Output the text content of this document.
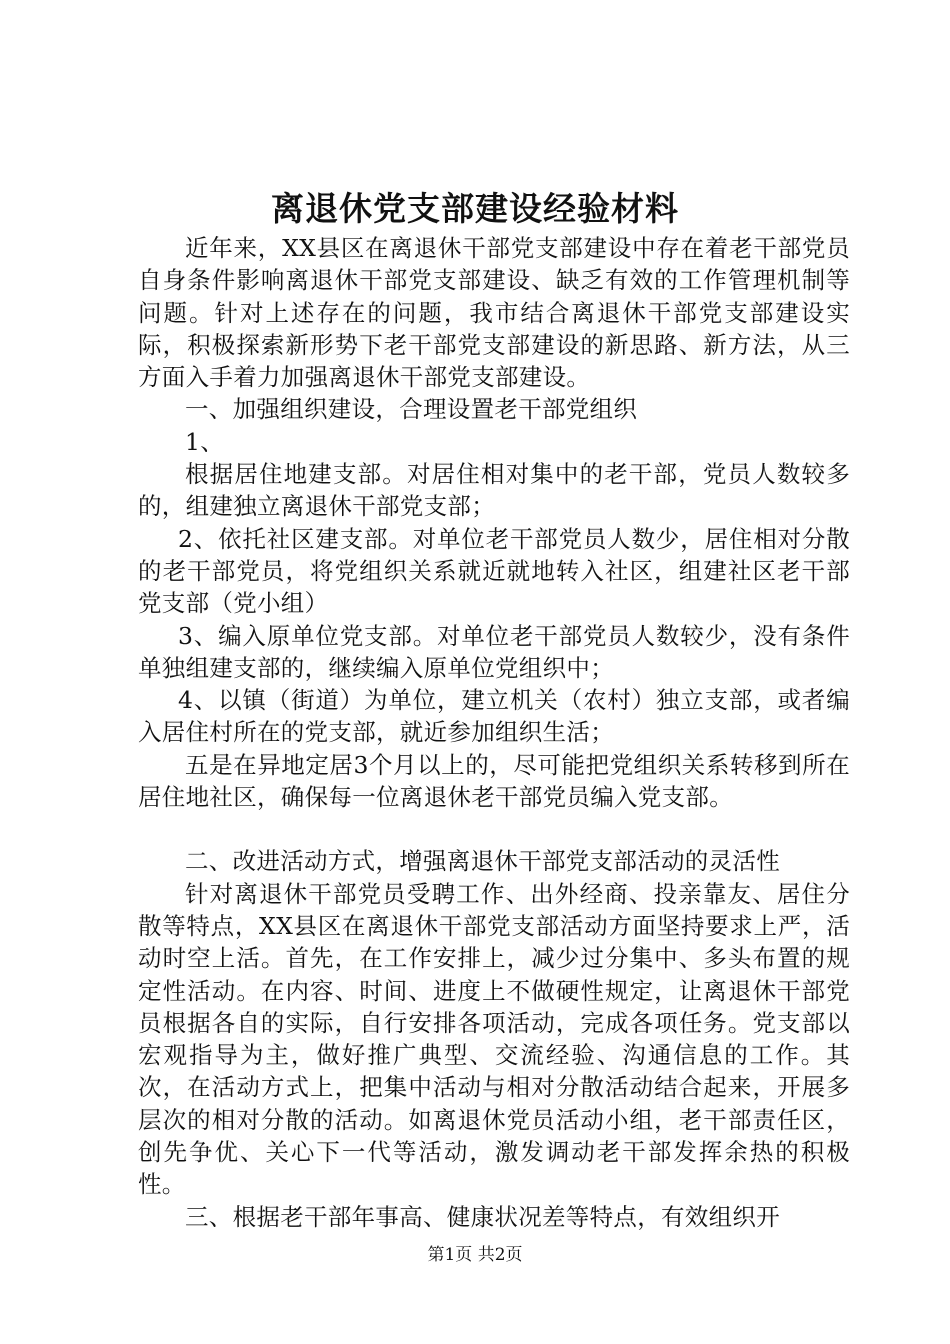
离退休党支部建设经验材料

近年来，XX县区在离退休干部党支部建设中存在着老干部党员自身条件影响离退休干部党支部建设、缺乏有效的工作管理机制等问题。针对上述存在的问题，我市结合离退休干部党支部建设实际，积极探索新形势下老干部党支部建设的新思路、新方法，从三方面入手着力加强离退休干部党支部建设。

一、加强组织建设，合理设置老干部党组织

1、

根据居住地建支部。对居住相对集中的老干部，党员人数较多的，组建独立离退休干部党支部；

2、依托社区建支部。对单位老干部党员人数少，居住相对分散的老干部党员，将党组织关系就近就地转入社区，组建社区老干部党支部（党小组）

3、编入原单位党支部。对单位老干部党员人数较少，没有条件单独组建支部的，继续编入原单位党组织中；

4、以镇（街道）为单位，建立机关（农村）独立支部，或者编入居住村所在的党支部，就近参加组织生活；

五是在异地定居3个月以上的，尽可能把党组织关系转移到所在居住地社区，确保每一位离退休老干部党员编入党支部。

二、改进活动方式，增强离退休干部党支部活动的灵活性

针对离退休干部党员受聘工作、出外经商、投亲靠友、居住分散等特点，XX县区在离退休干部党支部活动方面坚持要求上严，活动时空上活。首先，在工作安排上，减少过分集中、多头布置的规定性活动。在内容、时间、进度上不做硬性规定，让离退休干部党员根据各自的实际，自行安排各项活动，完成各项任务。党支部以宏观指导为主，做好推广典型、交流经验、沟通信息的工作。其次，在活动方式上，把集中活动与相对分散活动结合起来，开展多层次的相对分散的活动。如离退休党员活动小组，老干部责任区，创先争优、关心下一代等活动，激发调动老干部发挥余热的积极性。

三、根据老干部年事高、健康状况差等特点，有效组织开

第1页 共2页
